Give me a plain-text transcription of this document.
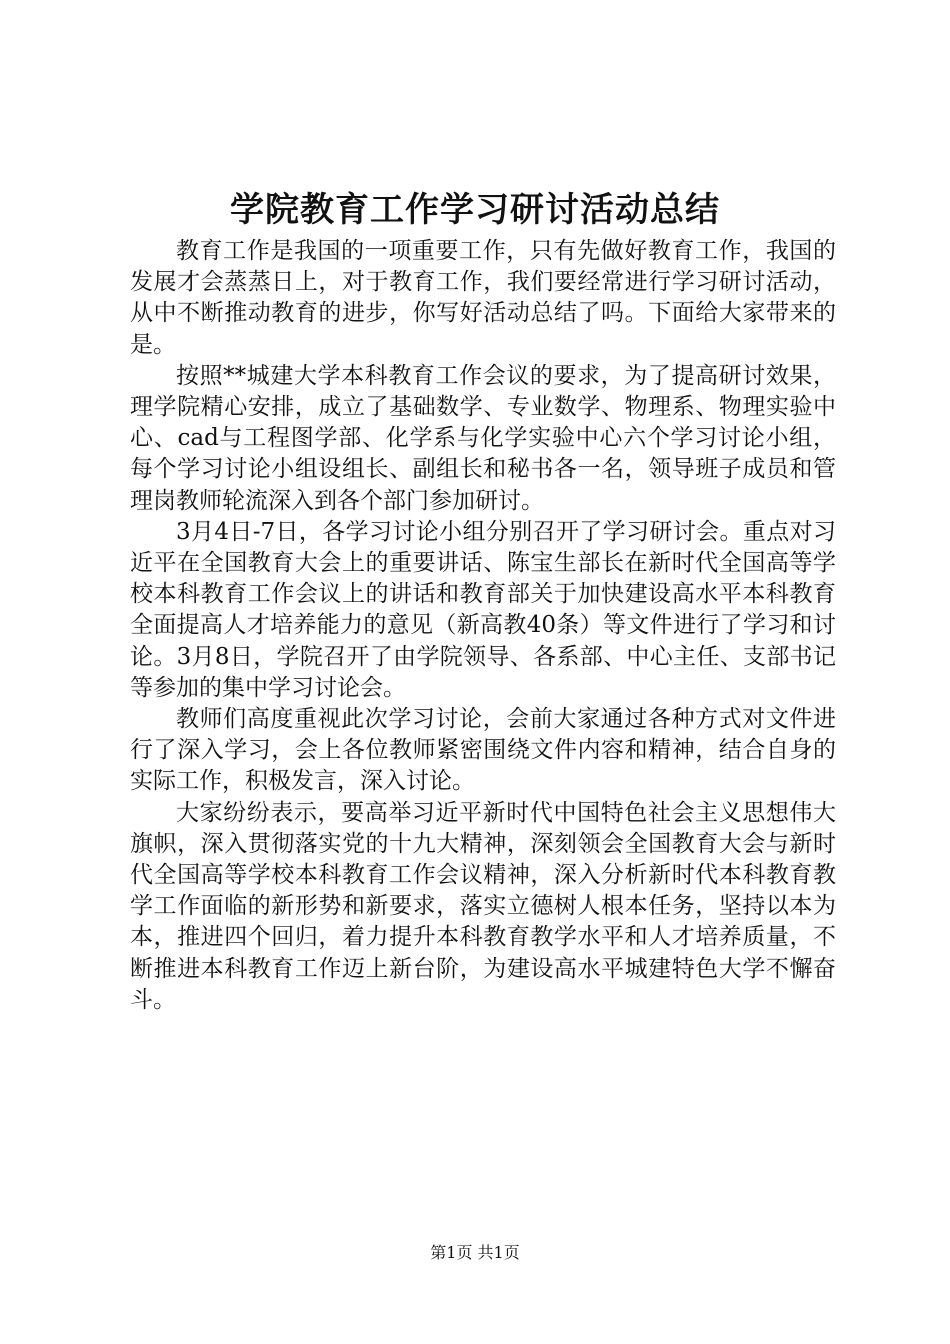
学院教育工作学习研讨活动总结

教育工作是我国的一项重要工作，只有先做好教育工作，我国的发展才会蒸蒸日上，对于教育工作，我们要经常进行学习研讨活动，从中不断推动教育的进步，你写好活动总结了吗。下面给大家带来的是。

按照**城建大学本科教育工作会议的要求，为了提高研讨效果，理学院精心安排，成立了基础数学、专业数学、物理系、物理实验中心、cad与工程图学部、化学系与化学实验中心六个学习讨论小组，每个学习讨论小组设组长、副组长和秘书各一名，领导班子成员和管理岗教师轮流深入到各个部门参加研讨。

3月4日-7日，各学习讨论小组分别召开了学习研讨会。重点对习近平在全国教育大会上的重要讲话、陈宝生部长在新时代全国高等学校本科教育工作会议上的讲话和教育部关于加快建设高水平本科教育全面提高人才培养能力的意见（新高教40条）等文件进行了学习和讨论。3月8日，学院召开了由学院领导、各系部、中心主任、支部书记等参加的集中学习讨论会。

教师们高度重视此次学习讨论，会前大家通过各种方式对文件进行了深入学习，会上各位教师紧密围绕文件内容和精神，结合自身的实际工作，积极发言，深入讨论。

大家纷纷表示，要高举习近平新时代中国特色社会主义思想伟大旗帜，深入贯彻落实党的十九大精神，深刻领会全国教育大会与新时代全国高等学校本科教育工作会议精神，深入分析新时代本科教育教学工作面临的新形势和新要求，落实立德树人根本任务，坚持以本为本，推进四个回归，着力提升本科教育教学水平和人才培养质量，不断推进本科教育工作迈上新台阶，为建设高水平城建特色大学不懈奋斗。

第1页 共1页
